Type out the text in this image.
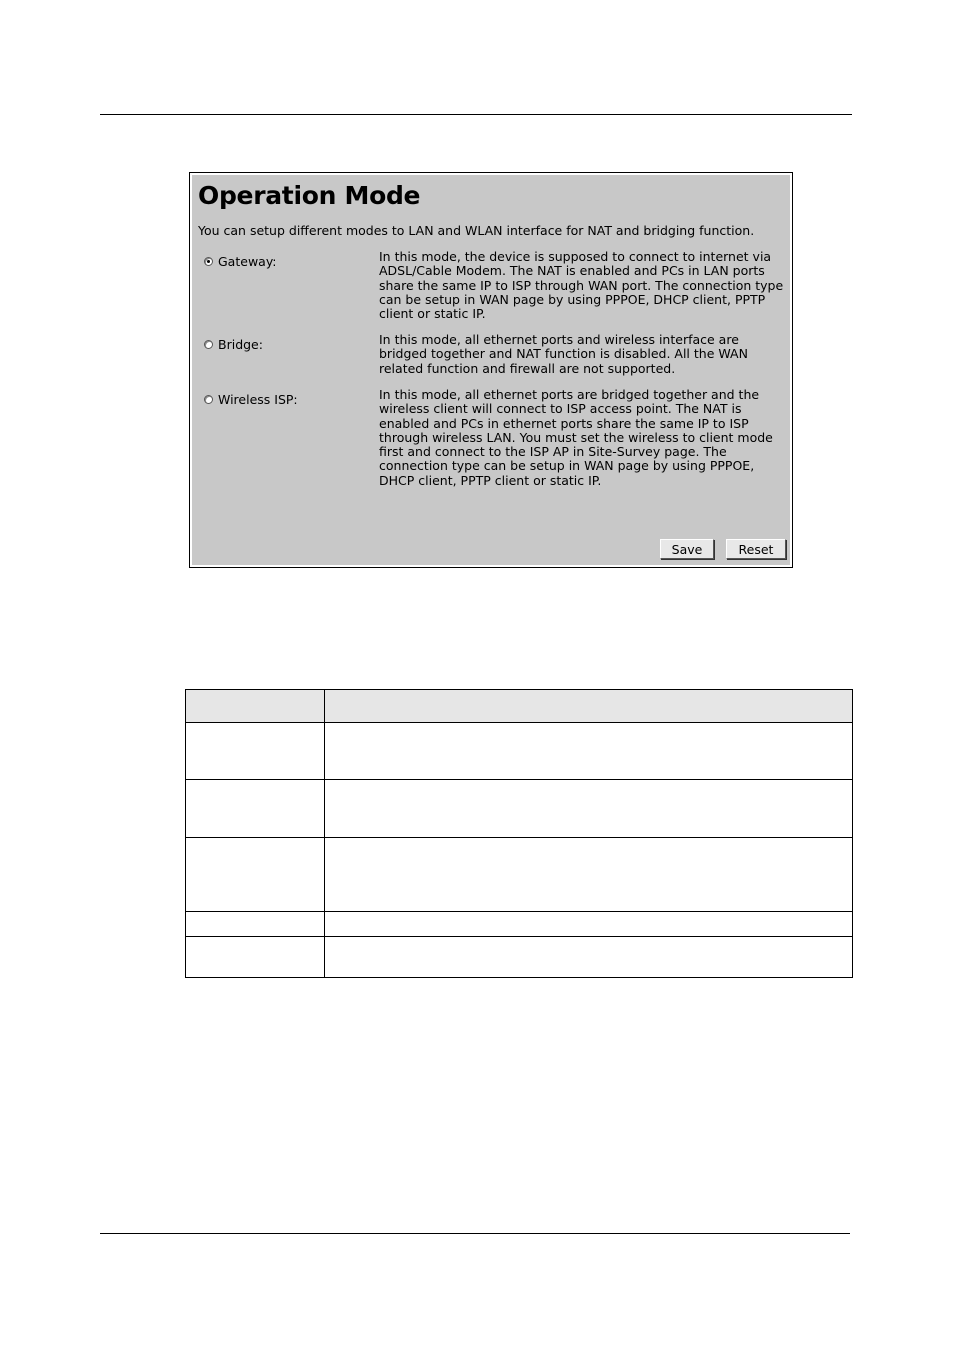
Operation Mode
You can setup different modes to LAN and WLAN interface for NAT and bridging function.
Gateway:	In this mode, the device is supposed to connect to internet via ADSL/Cable Modem. The NAT is enabled and PCs in LAN ports share the same IP to ISP through WAN port. The connection type can be setup in WAN page by using PPPOE, DHCP client, PPTP client or static IP.
Bridge:	In this mode, all ethernet ports and wireless interface are bridged together and NAT function is disabled. All the WAN related function and firewall are not supported.
Wireless ISP:	In this mode, all ethernet ports are bridged together and the wireless client will connect to ISP access point. The NAT is enabled and PCs in ethernet ports share the same IP to ISP through wireless LAN. You must set the wireless to client mode first and connect to the ISP AP in Site-Survey page. The connection type can be setup in WAN page by using PPPOE, DHCP client, PPTP client or static IP.
Save	Reset
